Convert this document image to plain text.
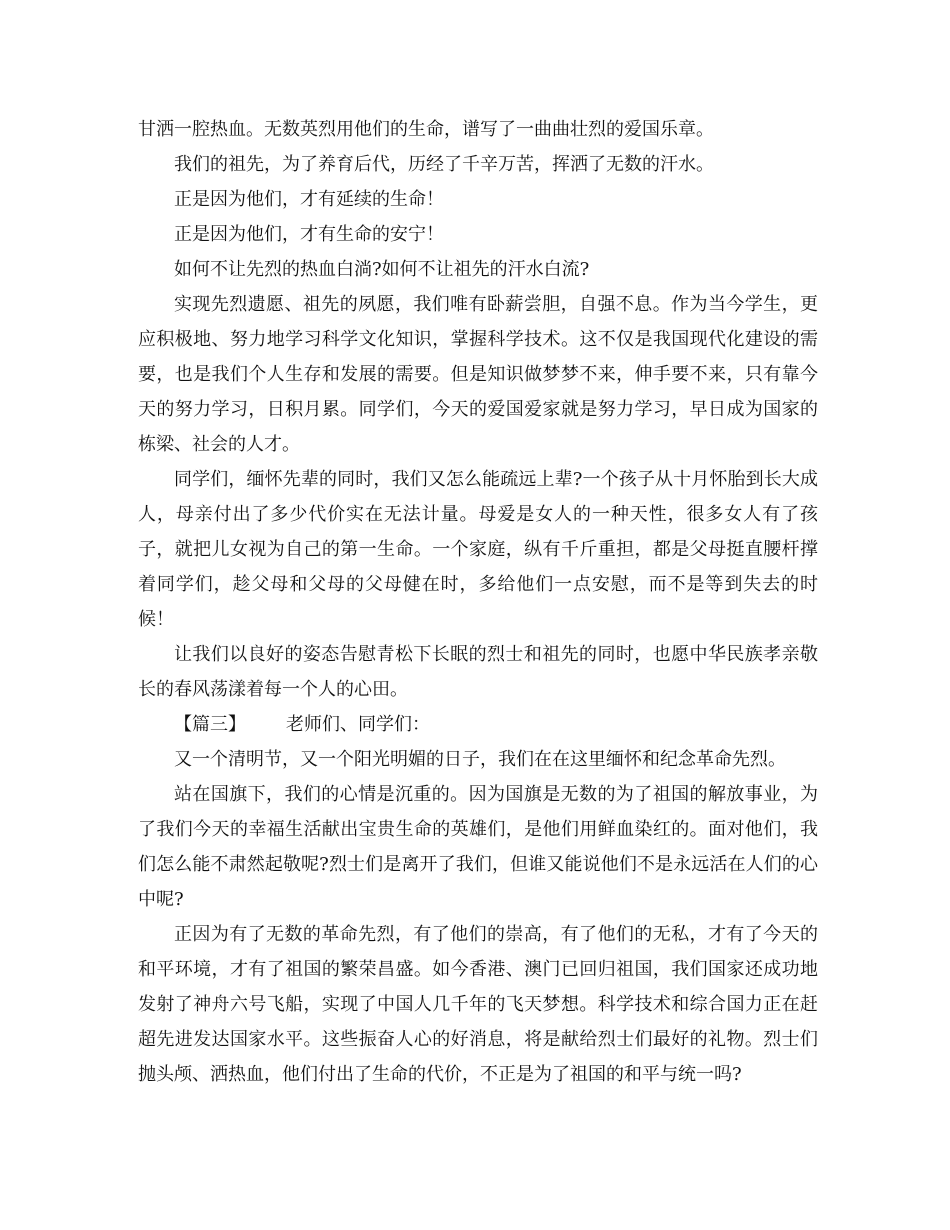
甘洒一腔热血。无数英烈用他们的生命，谱写了一曲曲壮烈的爱国乐章。

我们的祖先，为了养育后代，历经了千辛万苦，挥洒了无数的汗水。

正是因为他们，才有延续的生命！

正是因为他们，才有生命的安宁！

如何不让先烈的热血白淌?如何不让祖先的汗水白流?

实现先烈遗愿、祖先的夙愿，我们唯有卧薪尝胆，自强不息。作为当今学生，更应积极地、努力地学习科学文化知识，掌握科学技术。这不仅是我国现代化建设的需要，也是我们个人生存和发展的需要。但是知识做梦梦不来，伸手要不来，只有靠今天的努力学习，日积月累。同学们，今天的爱国爱家就是努力学习，早日成为国家的栋梁、社会的人才。

同学们，缅怀先辈的同时，我们又怎么能疏远上辈?一个孩子从十月怀胎到长大成人，母亲付出了多少代价实在无法计量。母爱是女人的一种天性，很多女人有了孩子，就把儿女视为自己的第一生命。一个家庭，纵有千斤重担，都是父母挺直腰杆撑着同学们，趁父母和父母的父母健在时，多给他们一点安慰，而不是等到失去的时候！

让我们以良好的姿态告慰青松下长眠的烈士和祖先的同时，也愿中华民族孝亲敬长的春风荡漾着每一个人的心田。

【篇三】 老师们、同学们：

又一个清明节，又一个阳光明媚的日子，我们在在这里缅怀和纪念革命先烈。

站在国旗下，我们的心情是沉重的。因为国旗是无数的为了祖国的解放事业，为了我们今天的幸福生活献出宝贵生命的英雄们，是他们用鲜血染红的。面对他们，我们怎么能不肃然起敬呢?烈士们是离开了我们，但谁又能说他们不是永远活在人们的心中呢?

正因为有了无数的革命先烈，有了他们的崇高，有了他们的无私，才有了今天的和平环境，才有了祖国的繁荣昌盛。如今香港、澳门已回归祖国，我们国家还成功地发射了神舟六号飞船，实现了中国人几千年的飞天梦想。科学技术和综合国力正在赶超先进发达国家水平。这些振奋人心的好消息，将是献给烈士们最好的礼物。烈士们抛头颅、洒热血，他们付出了生命的代价，不正是为了祖国的和平与统一吗?
